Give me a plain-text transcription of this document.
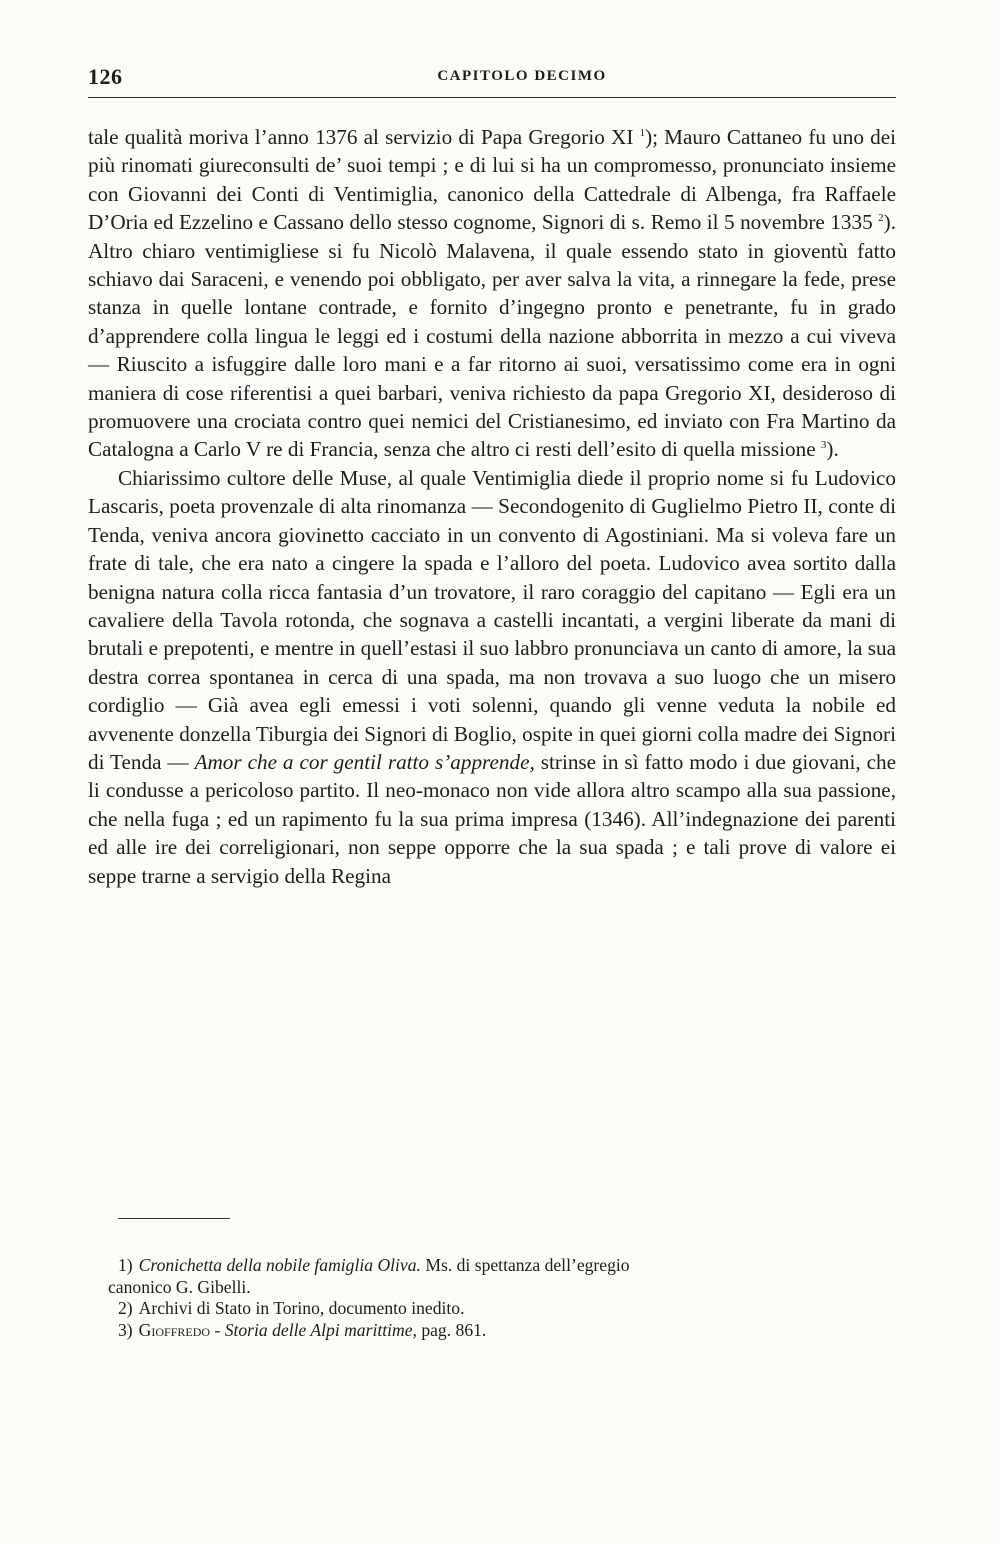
126	CAPITOLO DECIMO

tale qualità moriva l’anno 1376 al servizio di Papa Gregorio XI $^1$); Mauro Cattaneo fu uno dei più rinomati giureconsulti de’ suoi tempi ; e di lui si ha un compromesso, pronunciato insieme con Giovanni dei Conti di Ventimiglia, canonico della Cattedrale di Albenga, fra Raffaele D’Oria ed Ezzelino e Cassano dello stesso cognome, Signori di s. Remo il 5 novembre 1335 $^2$). Altro chiaro ventimigliese si fu Nicolò Malavena, il quale essendo stato in gioventù fatto schiavo dai Saraceni, e venendo poi obbligato, per aver salva la vita, a rinnegare la fede, prese stanza in quelle lontane contrade, e fornito d’ingegno pronto e penetrante, fu in grado d’apprendere colla lingua le leggi ed i costumi della nazione abborrita in mezzo a cui viveva — Riuscito a isfuggire dalle loro mani e a far ritorno ai suoi, versatissimo come era in ogni maniera di cose riferentisi a quei barbari, veniva richiesto da papa Gregorio XI, desideroso di promuovere una crociata contro quei nemici del Cristianesimo, ed inviato con Fra Martino da Catalogna a Carlo V re di Francia, senza che altro ci resti dell’esito di quella missione $^3$).

Chiarissimo cultore delle Muse, al quale Ventimiglia diede il proprio nome si fu Ludovico Lascaris, poeta provenzale di alta rinomanza — Secondogenito di Guglielmo Pietro II, conte di Tenda, veniva ancora giovinetto cacciato in un convento di Agostiniani. Ma si voleva fare un frate di tale, che era nato a cingere la spada e l’alloro del poeta. Ludovico avea sortito dalla benigna natura colla ricca fantasia d’un trovatore, il raro coraggio del capitano — Egli era un cavaliere della Tavola rotonda, che sognava a castelli incantati, a vergini liberate da mani di brutali e prepotenti, e mentre in quell’estasi il suo labbro pronunciava un canto di amore, la sua destra correa spontanea in cerca di una spada, ma non trovava a suo luogo che un misero cordiglio — Già avea egli emessi i voti solenni, quando gli venne veduta la nobile ed avvenente donzella Tiburgia dei Signori di Boglio, ospite in quei giorni colla madre dei Signori di Tenda — Amor che a cor gentil ratto s’apprende, strinse in sì fatto modo i due giovani, che li condusse a pericoloso partito. Il neo-monaco non vide allora altro scampo alla sua passione, che nella fuga ; ed un rapimento fu la sua prima impresa (1346). All’indegnazione dei parenti ed alle ire dei correligionari, non seppe opporre che la sua spada ; e tali prove di valore ei seppe trarne a servigio della Regina

1) Cronichetta della nobile famiglia Oliva. Ms. di spettanza dell’egregio
canonico G. Gibelli.
2) Archivi di Stato in Torino, documento inedito.
3) Gioffredo - Storia delle Alpi marittime, pag. 861.
